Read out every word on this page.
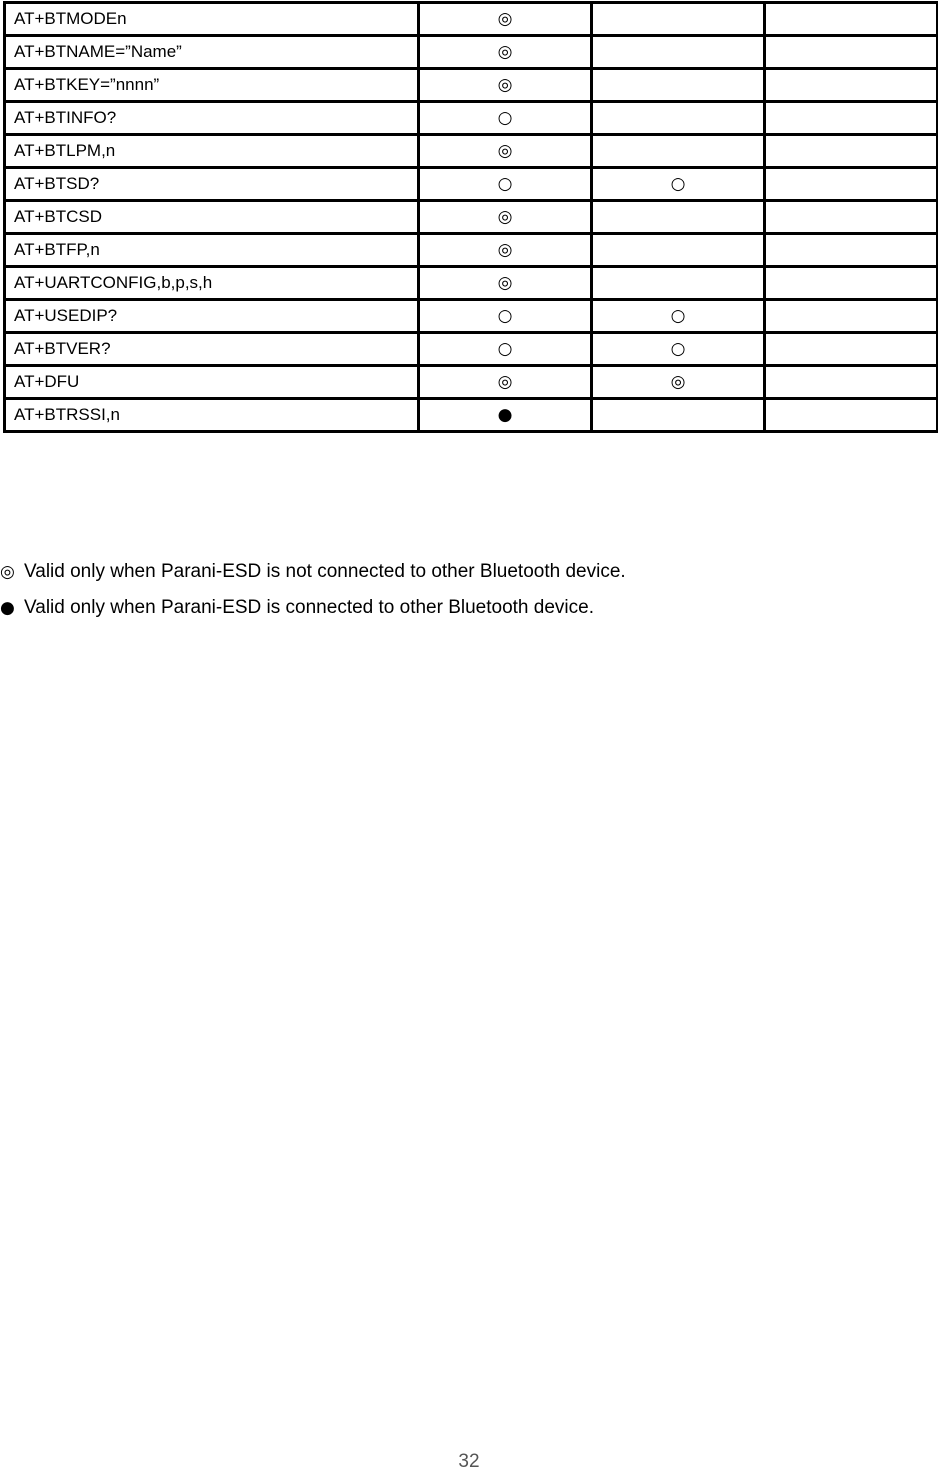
AT+BTMODEn	◎		
AT+BTNAME=”Name”	◎		
AT+BTKEY=”nnnn”	◎		
AT+BTINFO?	○		
AT+BTLPM,n	◎		
AT+BTSD?	○	○	
AT+BTCSD	◎		
AT+BTFP,n	◎		
AT+UARTCONFIG,b,p,s,h	◎		
AT+USEDIP?	○	○	
AT+BTVER?	○	○	
AT+DFU	◎	◎	
AT+BTRSSI,n	●		
◎ Valid only when Parani-ESD is not connected to other Bluetooth device.
● Valid only when Parani-ESD is connected to other Bluetooth device.
32
